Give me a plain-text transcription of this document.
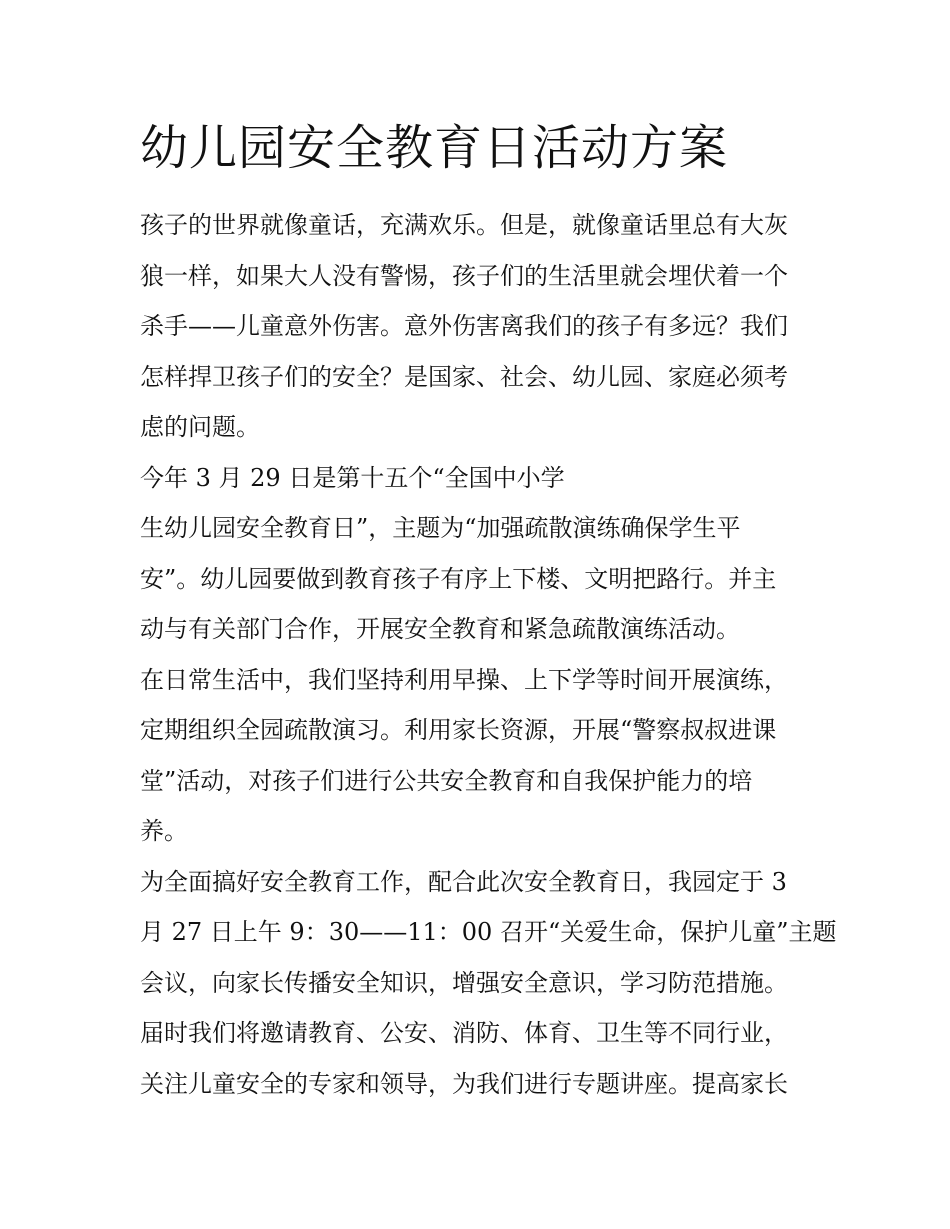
幼儿园安全教育日活动方案

孩子的世界就像童话，充满欢乐。但是，就像童话里总有大灰

狼一样，如果大人没有警惕，孩子们的生活里就会埋伏着一个

杀手——儿童意外伤害。意外伤害离我们的孩子有多远？我们

怎样捍卫孩子们的安全？是国家、社会、幼儿园、家庭必须考

虑的问题。

今年 3 月 29 日是第十五个“全国中小学

生幼儿园安全教育日”，主题为“加强疏散演练确保学生平

安”。幼儿园要做到教育孩子有序上下楼、文明把路行。并主

动与有关部门合作，开展安全教育和紧急疏散演练活动。

在日常生活中，我们坚持利用早操、上下学等时间开展演练，

定期组织全园疏散演习。利用家长资源，开展“警察叔叔进课

堂”活动，对孩子们进行公共安全教育和自我保护能力的培

养。

为全面搞好安全教育工作，配合此次安全教育日，我园定于 3

月 27 日上午 9：30——11：00 召开“关爱生命，保护儿童”主题

会议，向家长传播安全知识，增强安全意识，学习防范措施。

届时我们将邀请教育、公安、消防、体育、卫生等不同行业，

关注儿童安全的专家和领导，为我们进行专题讲座。提高家长
